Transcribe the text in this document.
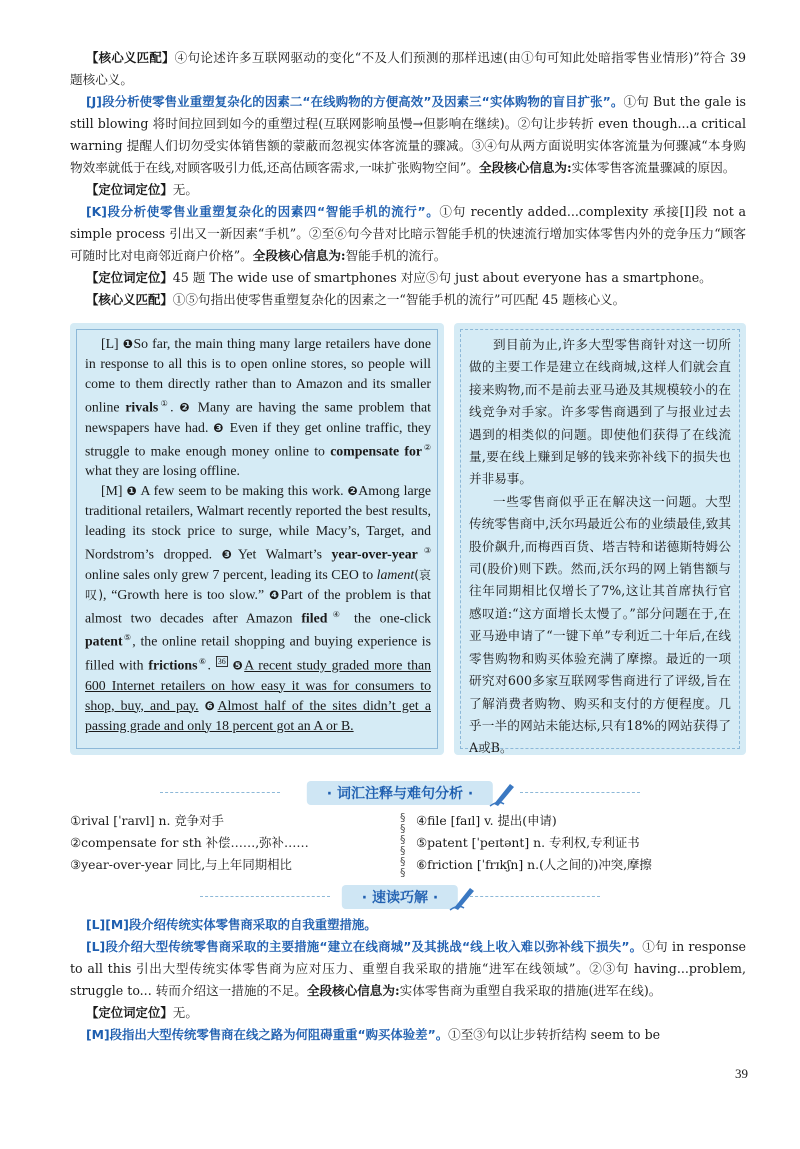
【核心义匹配】④句论述许多互联网驱动的变化“不及人们预测的那样迅速(由①句可知此处暗指零售业情形)”符合 39 题核心义。

[J]段分析使零售业重塑复杂化的因素二“在线购物的方便高效”及因素三“实体购物的盲目扩张”。①句 But the gale is still blowing 将时间拉回到如今的重塑过程(互联网影响虽慢→但影响在继续)。②句让步转折 even though...a critical warning 提醒人们切勿受实体销售额的蒙蔽而忽视实体客流量的骤减。③④句从两方面说明实体客流量为何骤减“本身购物效率就低于在线,对顾客吸引力低,还高估顾客需求,一味扩张购物空间”。全段核心信息为:实体零售客流量骤减的原因。

【定位词定位】无。

[K]段分析使零售业重塑复杂化的因素四“智能手机的流行”。①句 recently added...complexity 承接[I]段 not a simple process 引出又一新因素“手机”。②至⑥句今昔对比暗示智能手机的快速流行增加实体零售内外的竞争压力“顾客可随时比对电商邻近商户价格”。全段核心信息为:智能手机的流行。

【定位词定位】45 题 The wide use of smartphones 对应⑤句 just about everyone has a smartphone。

【核心义匹配】①⑤句指出使零售重塑复杂化的因素之一“智能手机的流行”可匹配 45 题核心义。

[L] ❶So far, the main thing many large retailers have done in response to all this is to open online stores, so people will come to them directly rather than to Amazon and its smaller online rivals①. ❷ Many are having the same problem that newspapers have had. ❸ Even if they get online traffic, they struggle to make enough money online to compensate for② what they are losing offline.

[M] ❶ A few seem to be making this work. ❷Among large traditional retailers, Walmart recently reported the best results, leading its stock price to surge, while Macy’s, Target, and Nordstrom’s dropped. ❸Yet Walmart’s year-over-year③ online sales only grew 7 percent, leading its CEO to lament(哀叹), “Growth here is too slow.” ❹Part of the problem is that almost two decades after Amazon filed④ the one-click patent⑤, the online retail shopping and buying experience is filled with frictions⑥. $^{36}$ ❺A recent study graded more than 600 Internet retailers on how easy it was for consumers to shop, buy, and pay. ❻Almost half of the sites didn’t get a passing grade and only 18 percent got an A or B.

到目前为止,许多大型零售商针对这一切所做的主要工作是建立在线商城,这样人们就会直接来购物,而不是前去亚马逊及其规模较小的在线竞争对手家。许多零售商遇到了与报业过去遇到的相类似的问题。即使他们获得了在线流量,要在线上赚到足够的钱来弥补线下的损失也并非易事。

一些零售商似乎正在解决这一问题。大型传统零售商中,沃尔玛最近公布的业绩最佳,致其股价飙升,而梅西百货、塔吉特和诺德斯特姆公司(股价)则下跌。然而,沃尔玛的网上销售额与往年同期相比仅增长了7%,这让其首席执行官感叹道:“这方面增长太慢了。”部分问题在于,在亚马逊申请了“一键下单”专利近二十年后,在线零售购物和购买体验充满了摩擦。最近的一项研究对600多家互联网零售商进行了评级,旨在了解消费者购物、购买和支付的方便程度。几乎一半的网站未能达标,只有18%的网站获得了A或B。

· 词汇注释与难句分析 ·
①rival [ˈraɪvl] n. 竞争对手
②compensate for sth 补偿……,弥补……
③year-over-year 同比,与上年同期相比
§
§
§
§
§
§
④file [faɪl] v. 提出(申请)
⑤patent [ˈpeɪtənt] n. 专利权,专利证书
⑥friction [ˈfrɪkʃn] n.(人之间的)冲突,摩擦
· 速读巧解 ·

[L][M]段介绍传统实体零售商采取的自我重塑措施。

[L]段介绍大型传统零售商采取的主要措施“建立在线商城”及其挑战“线上收入难以弥补线下损失”。①句 in response to all this 引出大型传统实体零售商为应对压力、重塑自我采取的措施“进军在线领域”。②③句 having...problem, struggle to... 转而介绍这一措施的不足。全段核心信息为:实体零售商为重塑自我采取的措施(进军在线)。

【定位词定位】无。

[M]段指出大型传统零售商在线之路为何阻碍重重“购买体验差”。①至③句以让步转折结构 seem to be

39
